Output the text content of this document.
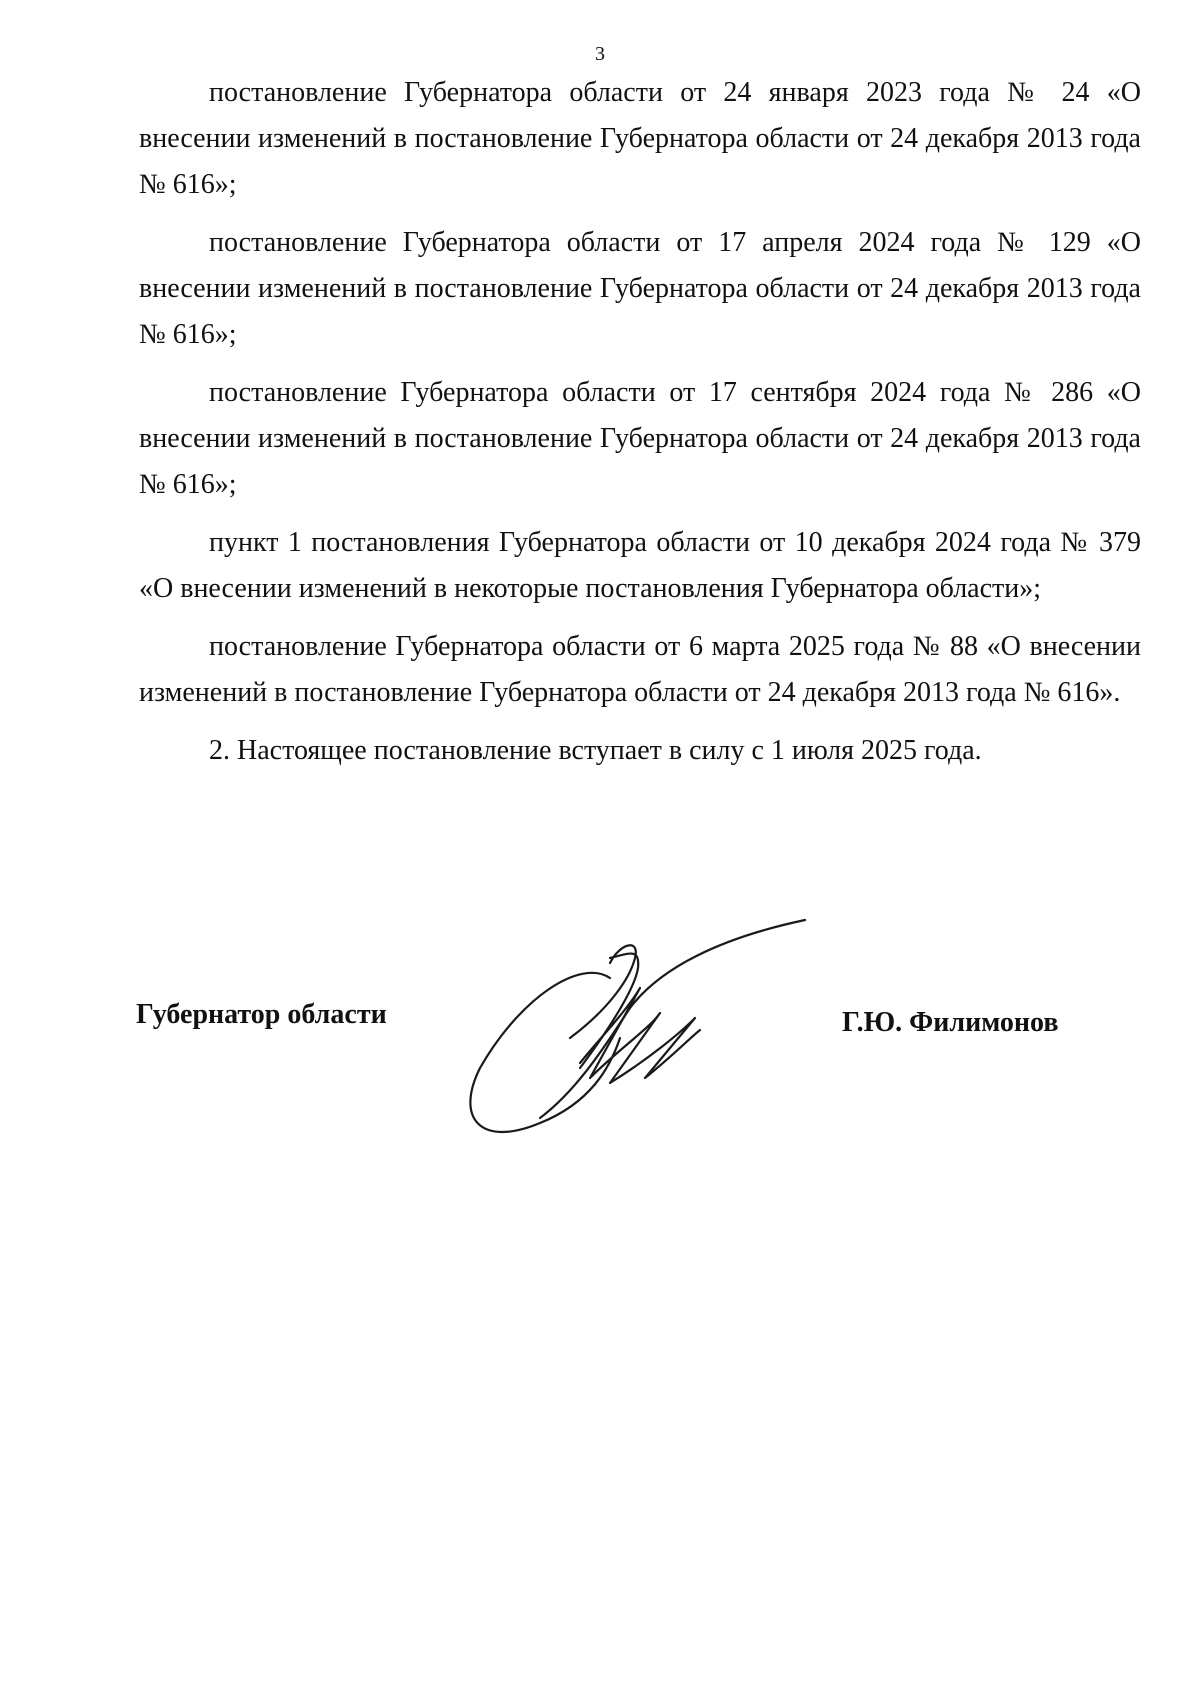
3

постановление Губернатора области от 24 января 2023 года № 24 «О внесении изменений в постановление Губернатора области от 24 декабря 2013 года № 616»;

постановление Губернатора области от 17 апреля 2024 года № 129 «О внесении изменений в постановление Губернатора области от 24 декабря 2013 года № 616»;

постановление Губернатора области от 17 сентября 2024 года № 286 «О внесении изменений в постановление Губернатора области от 24 декабря 2013 года № 616»;

пункт 1 постановления Губернатора области от 10 декабря 2024 года № 379 «О внесении изменений в некоторые постановления Губернатора области»;

постановление Губернатора области от 6 марта 2025 года № 88 «О внесении изменений в постановление Губернатора области от 24 декабря 2013 года № 616».

2. Настоящее постановление вступает в силу с 1 июля 2025 года.

Губернатор области	Г.Ю. Филимонов
